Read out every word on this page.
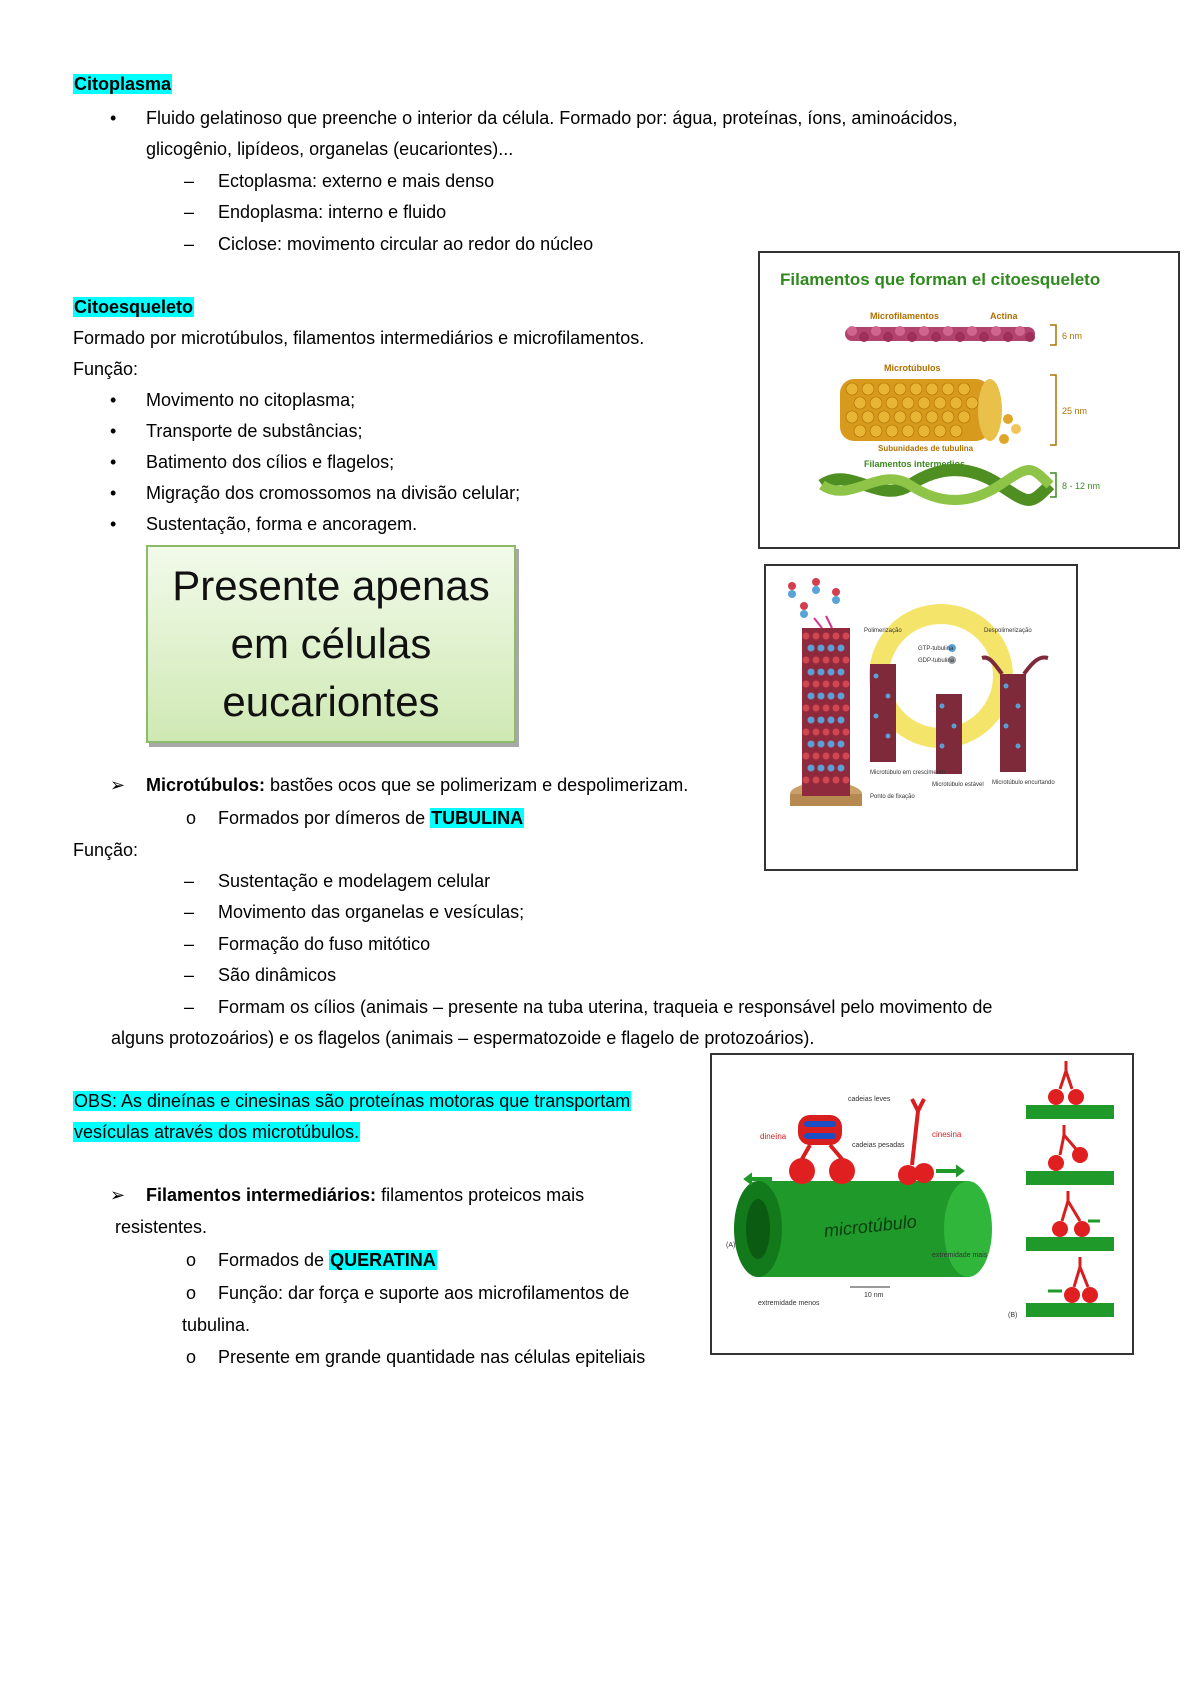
Citoplasma
• Fluido gelatinoso que preenche o interior da célula. Formado por: água, proteínas, íons, aminoácidos,
glicogênio, lipídeos, organelas (eucariontes)...
– Ectoplasma: externo e mais denso
– Endoplasma: interno e fluido
– Ciclose: movimento circular ao redor do núcleo
Citoesqueleto
Formado por microtúbulos, filamentos intermediários e microfilamentos.
Função:
• Movimento no citoplasma;
• Transporte de substâncias;
• Batimento dos cílios e flagelos;
• Migração dos cromossomos na divisão celular;
• Sustentação, forma e ancoragem.
Presente apenas
em células
eucariontes
➢ Microtúbulos: bastões ocos que se polimerizam e despolimerizam.
o Formados por dímeros de TUBULINA
Função:
– Sustentação e modelagem celular
– Movimento das organelas e vesículas;
– Formação do fuso mitótico
– São dinâmicos
– Formam os cílios (animais – presente na tuba uterina, traqueia e responsável pelo movimento de
alguns protozoários) e os flagelos (animais – espermatozoide e flagelo de protozoários).
OBS: As dineínas e cinesinas são proteínas motoras que transportam
vesículas através dos microtúbulos.
➢ Filamentos intermediários: filamentos proteicos mais
resistentes.
o Formados de QUERATINA
o Função: dar força e suporte aos microfilamentos de
tubulina.
o Presente em grande quantidade nas células epiteliais
Filamentos que forman el citoesqueleto
Microfilamentos	Actina
6 nm
Microtúbulos
25 nm
Subunidades de tubulina
Filamentos intermedios
8 - 12 nm
GTP-tubulina
GDP-tubulina
Polimerização	Despolimerização
Microtúbulo em crescimento
Microtúbulo encurtando
Microtúbulo estável
Ponto de fixação
microtúbulo
dineína	cinesina
cadeias leves
cadeias pesadas
extremidade mais
extremidade menos
10 nm
(A)
(B)
